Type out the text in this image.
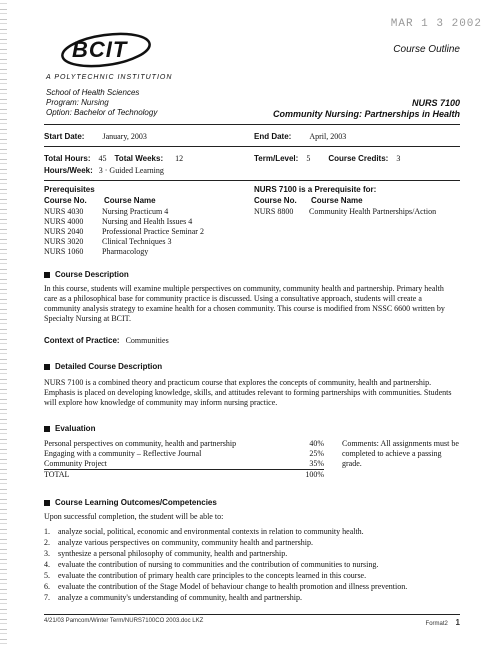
MAR 1 3 2002
BCIT
A POLYTECHNIC INSTITUTION
Course Outline
School of Health Sciences
Program: Nursing
Option: Bachelor of Technology
NURS 7100
Community Nursing: Partnerships in Health
Start Date: January, 2003	End Date: April, 2003
Total Hours: 45 Total Weeks: 12	Term/Level: 5 Course Credits: 3
Hours/Week: 3 · Guided Learning
Prerequisites
Course No. Course Name
NURS 4030 Nursing Practicum 4
NURS 4000 Nursing and Health Issues 4
NURS 2040 Professional Practice Seminar 2
NURS 3020 Clinical Techniques 3
NURS 1060 Pharmacology
NURS 7100 is a Prerequisite for:
Course No. Course Name
NURS 8800 Community Health Partnerships/Action
Course Description
In this course, students will examine multiple perspectives on community, community health and partnership. Primary health care as a philosophical base for community practice is discussed. Using a consultative approach, students will create a community analysis strategy to examine health for a chosen community. This course is modified from NSSC 6600 written by Specialty Nursing at BCIT.
Context of Practice: Communities
Detailed Course Description
NURS 7100 is a combined theory and practicum course that explores the concepts of community, health and partnership. Emphasis is placed on developing knowledge, skills, and attitudes relevant to forming partnerships with communities. Students will explore how knowledge of community may inform nursing practice.
Evaluation
Personal perspectives on community, health and partnership	40%
Engaging with a community – Reflective Journal	25%
Community Project	35%
TOTAL	100%
Comments: All assignments must be completed to achieve a passing grade.
Course Learning Outcomes/Competencies
Upon successful completion, the student will be able to:
1. analyze social, political, economic and environmental contexts in relation to community health.
2. analyze various perspectives on community, community health and partnership.
3. synthesize a personal philosophy of community, health and partnership.
4. evaluate the contribution of nursing to communities and the contribution of communities to nursing.
5. evaluate the contribution of primary health care principles to the concepts learned in this course.
6. evaluate the contribution of the Stage Model of behaviour change to health promotion and illness prevention.
7. analyze a community's understanding of community, health and partnership.
4/21/03 Pamcom/Winter Term/NURS7100CO 2003.doc LKZ	Format2 1
